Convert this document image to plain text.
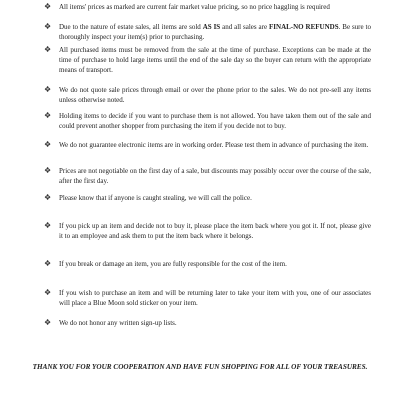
❖ All items' prices as marked are current fair market value pricing, so no price haggling is required

❖ Due to the nature of estate sales, all items are sold AS IS and all sales are FINAL-NO REFUNDS. Be sure to thoroughly inspect your item(s) prior to purchasing.

❖ All purchased items must be removed from the sale at the time of purchase. Exceptions can be made at the time of purchase to hold large items until the end of the sale day so the buyer can return with the appropriate means of transport.

❖ We do not quote sale prices through email or over the phone prior to the sales. We do not pre-sell any items unless otherwise noted.

❖ Holding items to decide if you want to purchase them is not allowed. You have taken them out of the sale and could prevent another shopper from purchasing the item if you decide not to buy.

❖ We do not guarantee electronic items are in working order. Please test them in advance of purchasing the item.

❖ Prices are not negotiable on the first day of a sale, but discounts may possibly occur over the course of the sale, after the first day.

❖ Please know that if anyone is caught stealing, we will call the police.

❖ If you pick up an item and decide not to buy it, please place the item back where you got it. If not, please give it to an employee and ask them to put the item back where it belongs.

❖ If you break or damage an item, you are fully responsible for the cost of the item.

❖ If you wish to purchase an item and will be returning later to take your item with you, one of our associates will place a Blue Moon sold sticker on your item.

❖ We do not honor any written sign-up lists.

THANK YOU FOR YOUR COOPERATION AND HAVE FUN SHOPPING FOR ALL OF YOUR TREASURES.
